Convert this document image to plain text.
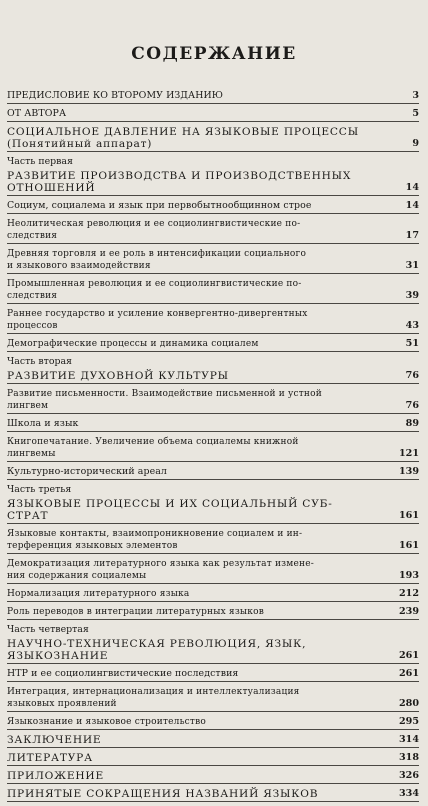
СОДЕРЖАНИЕ
ПРЕДИСЛОВИЕ КО ВТОРОМУ ИЗДАНИЮ	3
ОТ АВТОРА	5
СОЦИАЛЬНОЕ ДАВЛЕНИЕ НА ЯЗЫКОВЫЕ ПРОЦЕССЫ
(Понятийный аппарат)	9
Часть первая
РАЗВИТИЕ ПРОИЗВОДСТВА И ПРОИЗВОДСТВЕННЫХ
ОТНОШЕНИЙ	14
Социум, социалема и язык при первобытнообщинном строе	14
Неолитическая революция и ее социолингвистические по-
следствия	17
Древняя торговля и ее роль в интенсификации социального
и языкового взаимодействия	31
Промышленная революция и ее социолингвистические по-
следствия	39
Раннее государство и усиление конвергентно-дивергентных
процессов	43
Демографические процессы и динамика социалем	51
Часть вторая
РАЗВИТИЕ ДУХОВНОЙ КУЛЬТУРЫ	76
Развитие письменности. Взаимодействие письменной и устной
лингвем	76
Школа и язык	89
Книгопечатание. Увеличение объема социалемы книжной
лингвемы	121
Культурно-исторический ареал	139
Часть третья
ЯЗЫКОВЫЕ ПРОЦЕССЫ И ИХ СОЦИАЛЬНЫЙ СУБ-
СТРАТ	161
Языковые контакты, взаимопроникновение социалем и ин-
терференция языковых элементов	161
Демократизация литературного языка как результат измене-
ния содержания социалемы	193
Нормализация литературного языка	212
Роль переводов в интеграции литературных языков	239
Часть четвертая
НАУЧНО-ТЕХНИЧЕСКАЯ РЕВОЛЮЦИЯ, ЯЗЫК,
ЯЗЫКОЗНАНИЕ	261
НТР и ее социолингвистические последствия	261
Интеграция, интернационализация и интеллектуализация
языковых проявлений	280
Языкознание и языковое строительство	295
ЗАКЛЮЧЕНИЕ	314
ЛИТЕРАТУРА	318
ПРИЛОЖЕНИЕ	326
ПРИНЯТЫЕ СОКРАЩЕНИЯ НАЗВАНИЙ ЯЗЫКОВ	334
